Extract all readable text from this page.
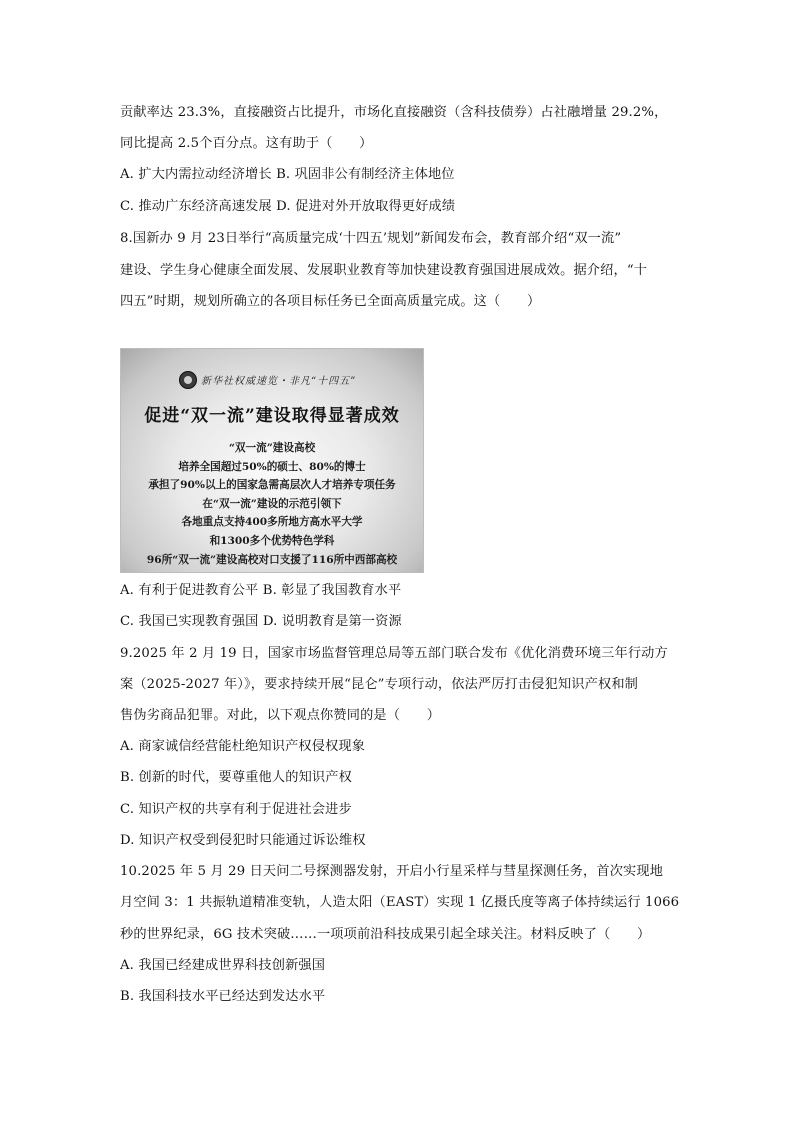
贡献率达 23.3%，直接融资占比提升，市场化直接融资（含科技债券）占社融增量 29.2%，
同比提高 2.5个百分点。这有助于（　　）
A. 扩大内需拉动经济增长 B. 巩固非公有制经济主体地位
C. 推动广东经济高速发展 D. 促进对外开放取得更好成绩
8.国新办 9 月 23日举行“高质量完成‘十四五’规划”新闻发布会，教育部介绍“双一流”
建设、学生身心健康全面发展、发展职业教育等加快建设教育强国进展成效。据介绍，“十
四五”时期，规划所确立的各项目标任务已全面高质量完成。这（　　）
新华社权威速览・非凡“十四五”
促进“双一流”建设取得显著成效
“双一流”建设高校
培养全国超过50%的硕士、80%的博士
承担了90%以上的国家急需高层次人才培养专项任务
在“双一流”建设的示范引领下
各地重点支持400多所地方高水平大学
和1300多个优势特色学科
96所“双一流”建设高校对口支援了116所中西部高校
A. 有利于促进教育公平 B. 彰显了我国教育水平
C. 我国已实现教育强国 D. 说明教育是第一资源
9.2025 年 2 月 19 日，国家市场监督管理总局等五部门联合发布《优化消费环境三年行动方
案（2025-2027 年）》，要求持续开展“昆仑”专项行动，依法严厉打击侵犯知识产权和制
售伪劣商品犯罪。对此，以下观点你赞同的是（　　）
A. 商家诚信经营能杜绝知识产权侵权现象
B. 创新的时代，要尊重他人的知识产权
C. 知识产权的共享有利于促进社会进步
D. 知识产权受到侵犯时只能通过诉讼维权
10.2025 年 5 月 29 日天问二号探测器发射，开启小行星采样与彗星探测任务，首次实现地
月空间 3：1 共振轨道精准变轨，人造太阳（EAST）实现 1 亿摄氏度等离子体持续运行 1066
秒的世界纪录，6G 技术突破……一项项前沿科技成果引起全球关注。材料反映了（　　）
A. 我国已经建成世界科技创新强国
B. 我国科技水平已经达到发达水平
